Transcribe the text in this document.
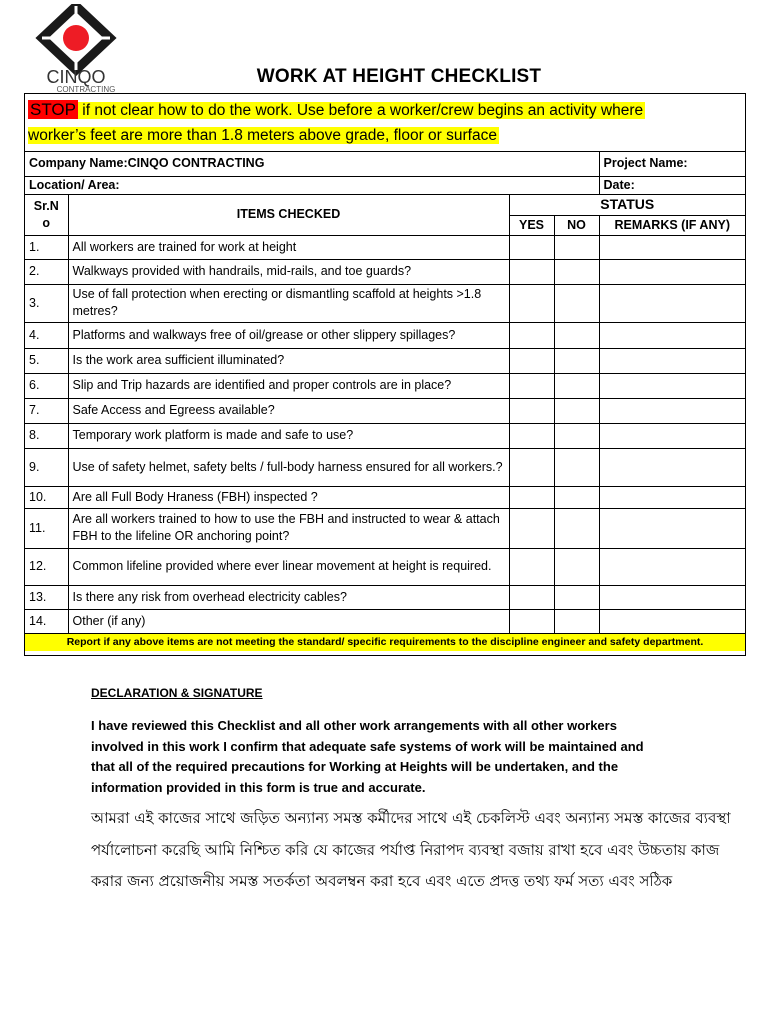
CINQO
CONTRACTING
WORK AT HEIGHT CHECKLIST
STOP if not clear how to do the work. Use before a worker/crew begins an activity where
worker’s feet are more than 1.8 meters above grade, floor or surface
Company Name:CINQO CONTRACTING				Project Name:
Location/ Area:				Date:
Sr.N
o	ITEMS CHECKED	STATUS		
		YES	NO	REMARKS (IF ANY)
1.	All workers are trained for work at height			
2.	Walkways provided with handrails, mid-rails, and toe guards?			
3.	Use of fall protection when erecting or dismantling scaffold at heights >1.8 metres?			
4.	Platforms and walkways free of oil/grease or other slippery spillages?			
5.	Is the work area sufficient illuminated?			
6.	Slip and Trip hazards are identified and proper controls are in place?			
7.	Safe Access and Egreess available?			
8.	Temporary work platform is made and safe to use?			
9.	Use of safety helmet, safety belts / full-body harness ensured for all workers.?			
10.	Are all Full Body Hraness (FBH) inspected ?			
11.	Are all workers trained to how to use the FBH and instructed to wear & attach FBH to the lifeline OR anchoring point?			
12.	Common lifeline provided where ever linear movement at height is required.			
13.	Is there any risk from overhead electricity cables?			
14.	Other (if any)			
Report if any above items are not meeting the standard/ specific requirements to the discipline engineer and safety department.				
DECLARATION & SIGNATURE
I have reviewed this Checklist and all other work arrangements with all other workers involved in this work I confirm that adequate safe systems of work will be maintained and that all of the required precautions for Working at Heights will be undertaken, and the information provided in this form is true and accurate.
আমরা এই কাজের সাথে জড়িত অন্যান্য সমস্ত কর্মীদের সাথে এই চেকলিস্ট এবং অন্যান্য সমস্ত কাজের ব্যবস্থা
পর্যালোচনা করেছি আমি নিশ্চিত করি যে কাজের পর্যাপ্ত নিরাপদ ব্যবস্থা বজায় রাখা হবে এবং উচ্চতায় কাজ
করার জন্য প্রয়োজনীয় সমস্ত সতর্কতা অবলম্বন করা হবে এবং এতে প্রদত্ত তথ্য ফর্ম সত্য এবং সঠিক
